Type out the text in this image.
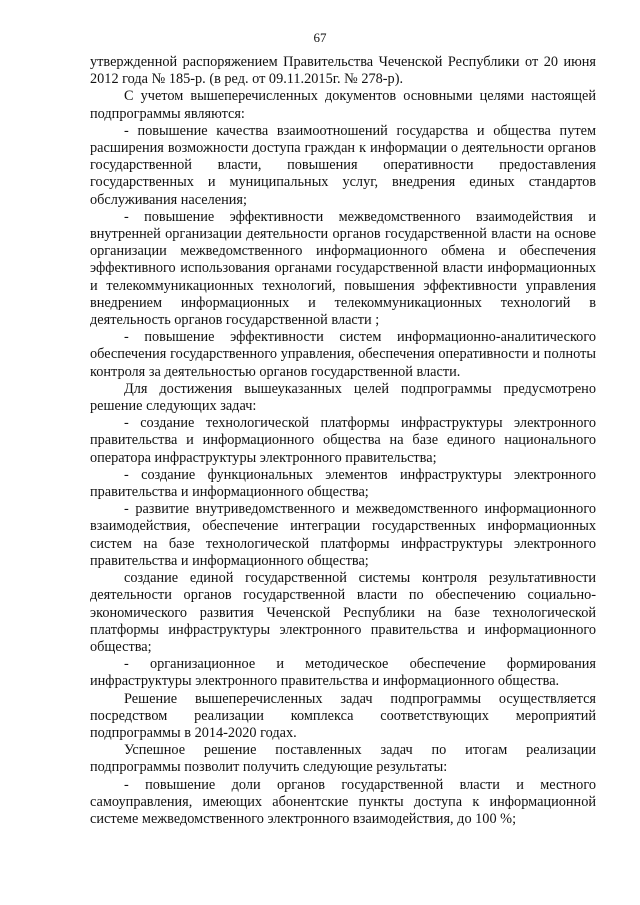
67

утвержденной распоряжением Правительства Чеченской Республики от 20 июня 2012 года № 185-р. (в ред. от 09.11.2015г. № 278-р).

С учетом вышеперечисленных документов основными целями настоящей подпрограммы являются:

- повышение качества взаимоотношений государства и общества путем расширения возможности доступа граждан к информации о деятельности органов государственной власти, повышения оперативности предоставления государственных и муниципальных услуг, внедрения единых стандартов обслуживания населения;

- повышение эффективности межведомственного взаимодействия и внутренней организации деятельности органов государственной власти на основе организации межведомственного информационного обмена и обеспечения эффективного использования органами государственной власти информационных и телекоммуникационных технологий, повышения эффективности управления внедрением информационных и телекоммуникационных технологий в деятельность органов государственной власти ;

- повышение эффективности систем информационно-аналитического обеспечения государственного управления, обеспечения оперативности и полноты контроля за деятельностью органов государственной власти.

Для достижения вышеуказанных целей подпрограммы предусмотрено решение следующих задач:

- создание технологической платформы инфраструктуры электронного правительства и информационного общества на базе единого национального оператора инфраструктуры электронного правительства;

- создание функциональных элементов инфраструктуры электронного правительства и информационного общества;

- развитие внутриведомственного и межведомственного информационного взаимодействия, обеспечение интеграции государственных информационных систем на базе технологической платформы инфраструктуры электронного правительства и информационного общества;

создание единой государственной системы контроля результативности деятельности органов государственной власти по обеспечению социально-экономического развития Чеченской Республики на базе технологической платформы инфраструктуры электронного правительства и информационного общества;

- организационное и методическое обеспечение формирования инфраструктуры электронного правительства и информационного общества.

Решение вышеперечисленных задач подпрограммы осуществляется посредством реализации комплекса соответствующих мероприятий подпрограммы в 2014-2020 годах.

Успешное решение поставленных задач по итогам реализации подпрограммы позволит получить следующие результаты:

- повышение доли органов государственной власти и местного самоуправления, имеющих абонентские пункты доступа к информационной системе межведомственного электронного взаимодействия, до 100 %;
